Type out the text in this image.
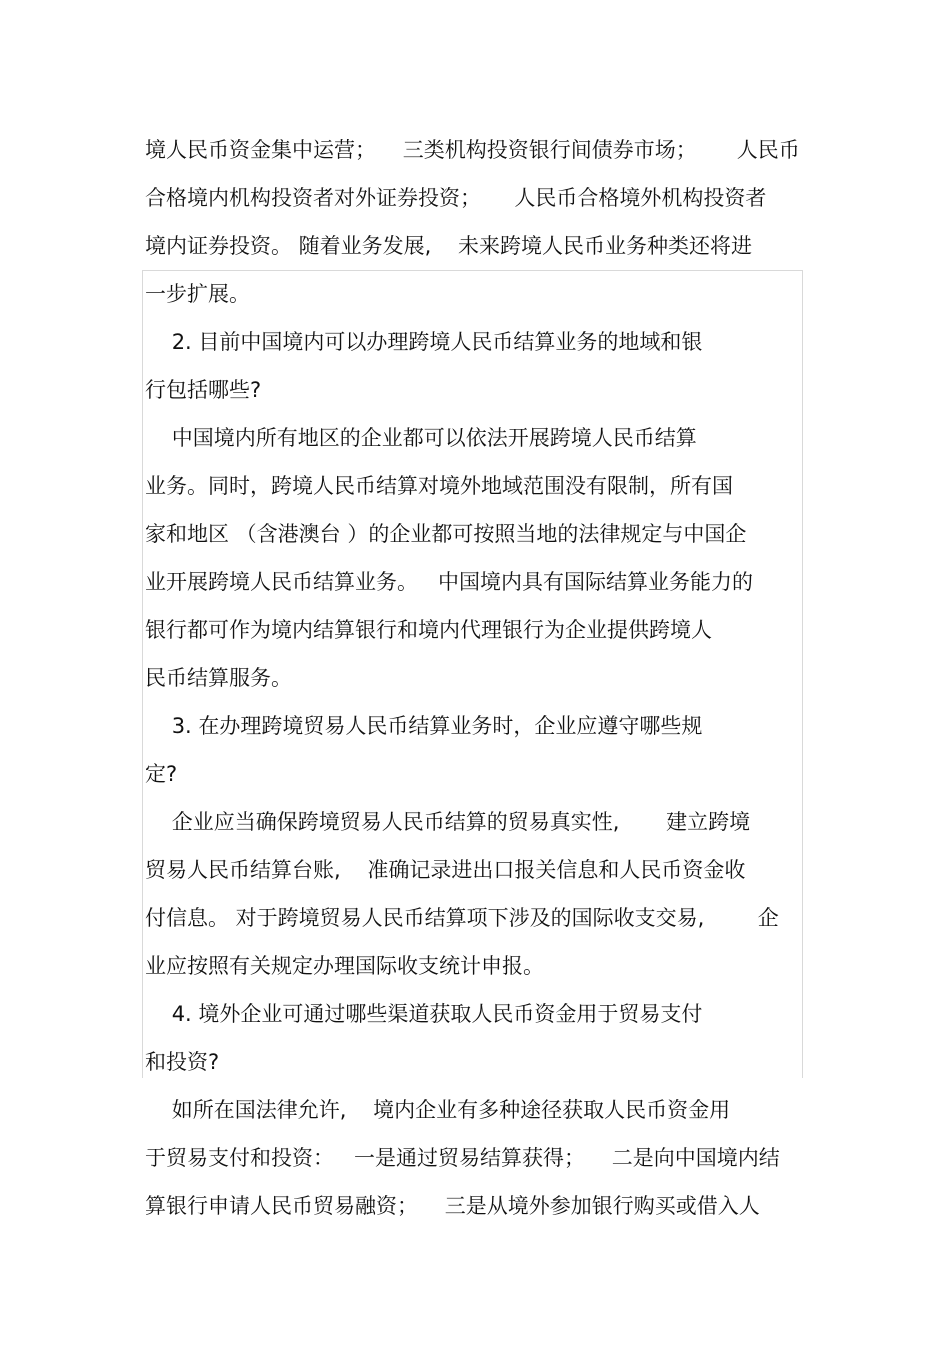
境人民币资金集中运营；    三类机构投资银行间债券市场；      人民币
合格境内机构投资者对外证券投资；     人民币合格境外机构投资者
境内证券投资。 随着业务发展,    未来跨境人民币业务种类还将进
一步扩展。
2. 目前中国境内可以办理跨境人民币结算业务的地域和银
行包括哪些?
中国境内所有地区的企业都可以依法开展跨境人民币结算
业务。同时，跨境人民币结算对境外地域范围没有限制，所有国
家和地区 （含港澳台 ）的企业都可按照当地的法律规定与中国企
业开展跨境人民币结算业务。   中国境内具有国际结算业务能力的
银行都可作为境内结算银行和境内代理银行为企业提供跨境人
民币结算服务。
3. 在办理跨境贸易人民币结算业务时，企业应遵守哪些规
定?
企业应当确保跨境贸易人民币结算的贸易真实性,       建立跨境
贸易人民币结算台账,    准确记录进出口报关信息和人民币资金收
付信息。 对于跨境贸易人民币结算项下涉及的国际收支交易,        企
业应按照有关规定办理国际收支统计申报。
4. 境外企业可通过哪些渠道获取人民币资金用于贸易支付
和投资?
如所在国法律允许,    境内企业有多种途径获取人民币资金用
于贸易支付和投资：   一是通过贸易结算获得；    二是向中国境内结
算银行申请人民币贸易融资；    三是从境外参加银行购买或借入人
